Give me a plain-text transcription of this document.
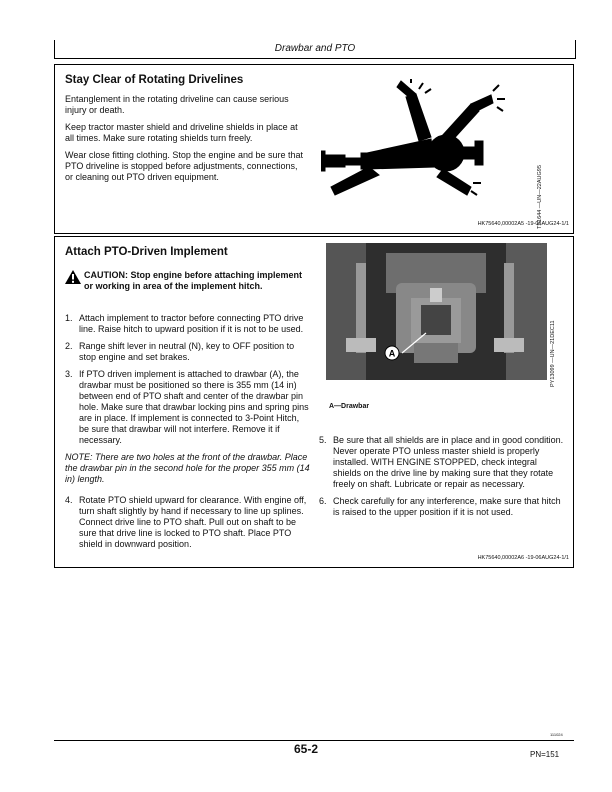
Drawbar and PTO
Stay Clear of Rotating Drivelines

Entanglement in the rotating driveline can cause serious injury or death.

Keep tractor master shield and driveline shields in place at all times. Make sure rotating shields turn freely.

Wear close fitting clothing. Stop the engine and be sure that PTO driveline is stopped before adjustments, connections, or cleaning out PTO driven equipment.	TS1644 —UN—22AUG95
HK75640,00002A5 -19-06AUG24-1/1
Attach PTO-Driven Implement
CAUTION: Stop engine before attaching implement or working in area of the implement hitch.
1. Attach implement to tractor before connecting PTO drive line. Raise hitch to upward position if it is not to be used.
2. Range shift lever in neutral (N), key to OFF position to stop engine and set brakes.
3. If PTO driven implement is attached to drawbar (A), the drawbar must be positioned so there is 355 mm (14 in) between end of PTO shaft and center of the drawbar pin hole. Make sure that drawbar locking pins and spring pins are in place. If implement is connected to 3-Point Hitch, be sure that drawbar will not interfere. Remove it if necessary.
NOTE: There are two holes at the front of the drawbar. Place the drawbar pin in the second hole for the proper 355 mm (14 in) length.
4. Rotate PTO shield upward for clearance. With engine off, turn shaft slightly by hand if necessary to line up splines. Connect drive line to PTO shaft. Pull out on shaft to be sure that drive line is locked to PTO shaft. Place PTO shield in downward position.
5. Be sure that all shields are in place and in good condition. Never operate PTO unless master shield is properly installed. WITH ENGINE STOPPED, check integral shields on the drive line by making sure that they rotate freely on shaft. Lubricate or repair as necessary.
6. Check carefully for any interference, make sure that hitch is raised to the upper position if it is not used.
PY13099 —UN—21DEC11
A—Drawbar
HK75640,00002A6 -19-06AUG24-1/1
A
111024
65-2	PN=151
